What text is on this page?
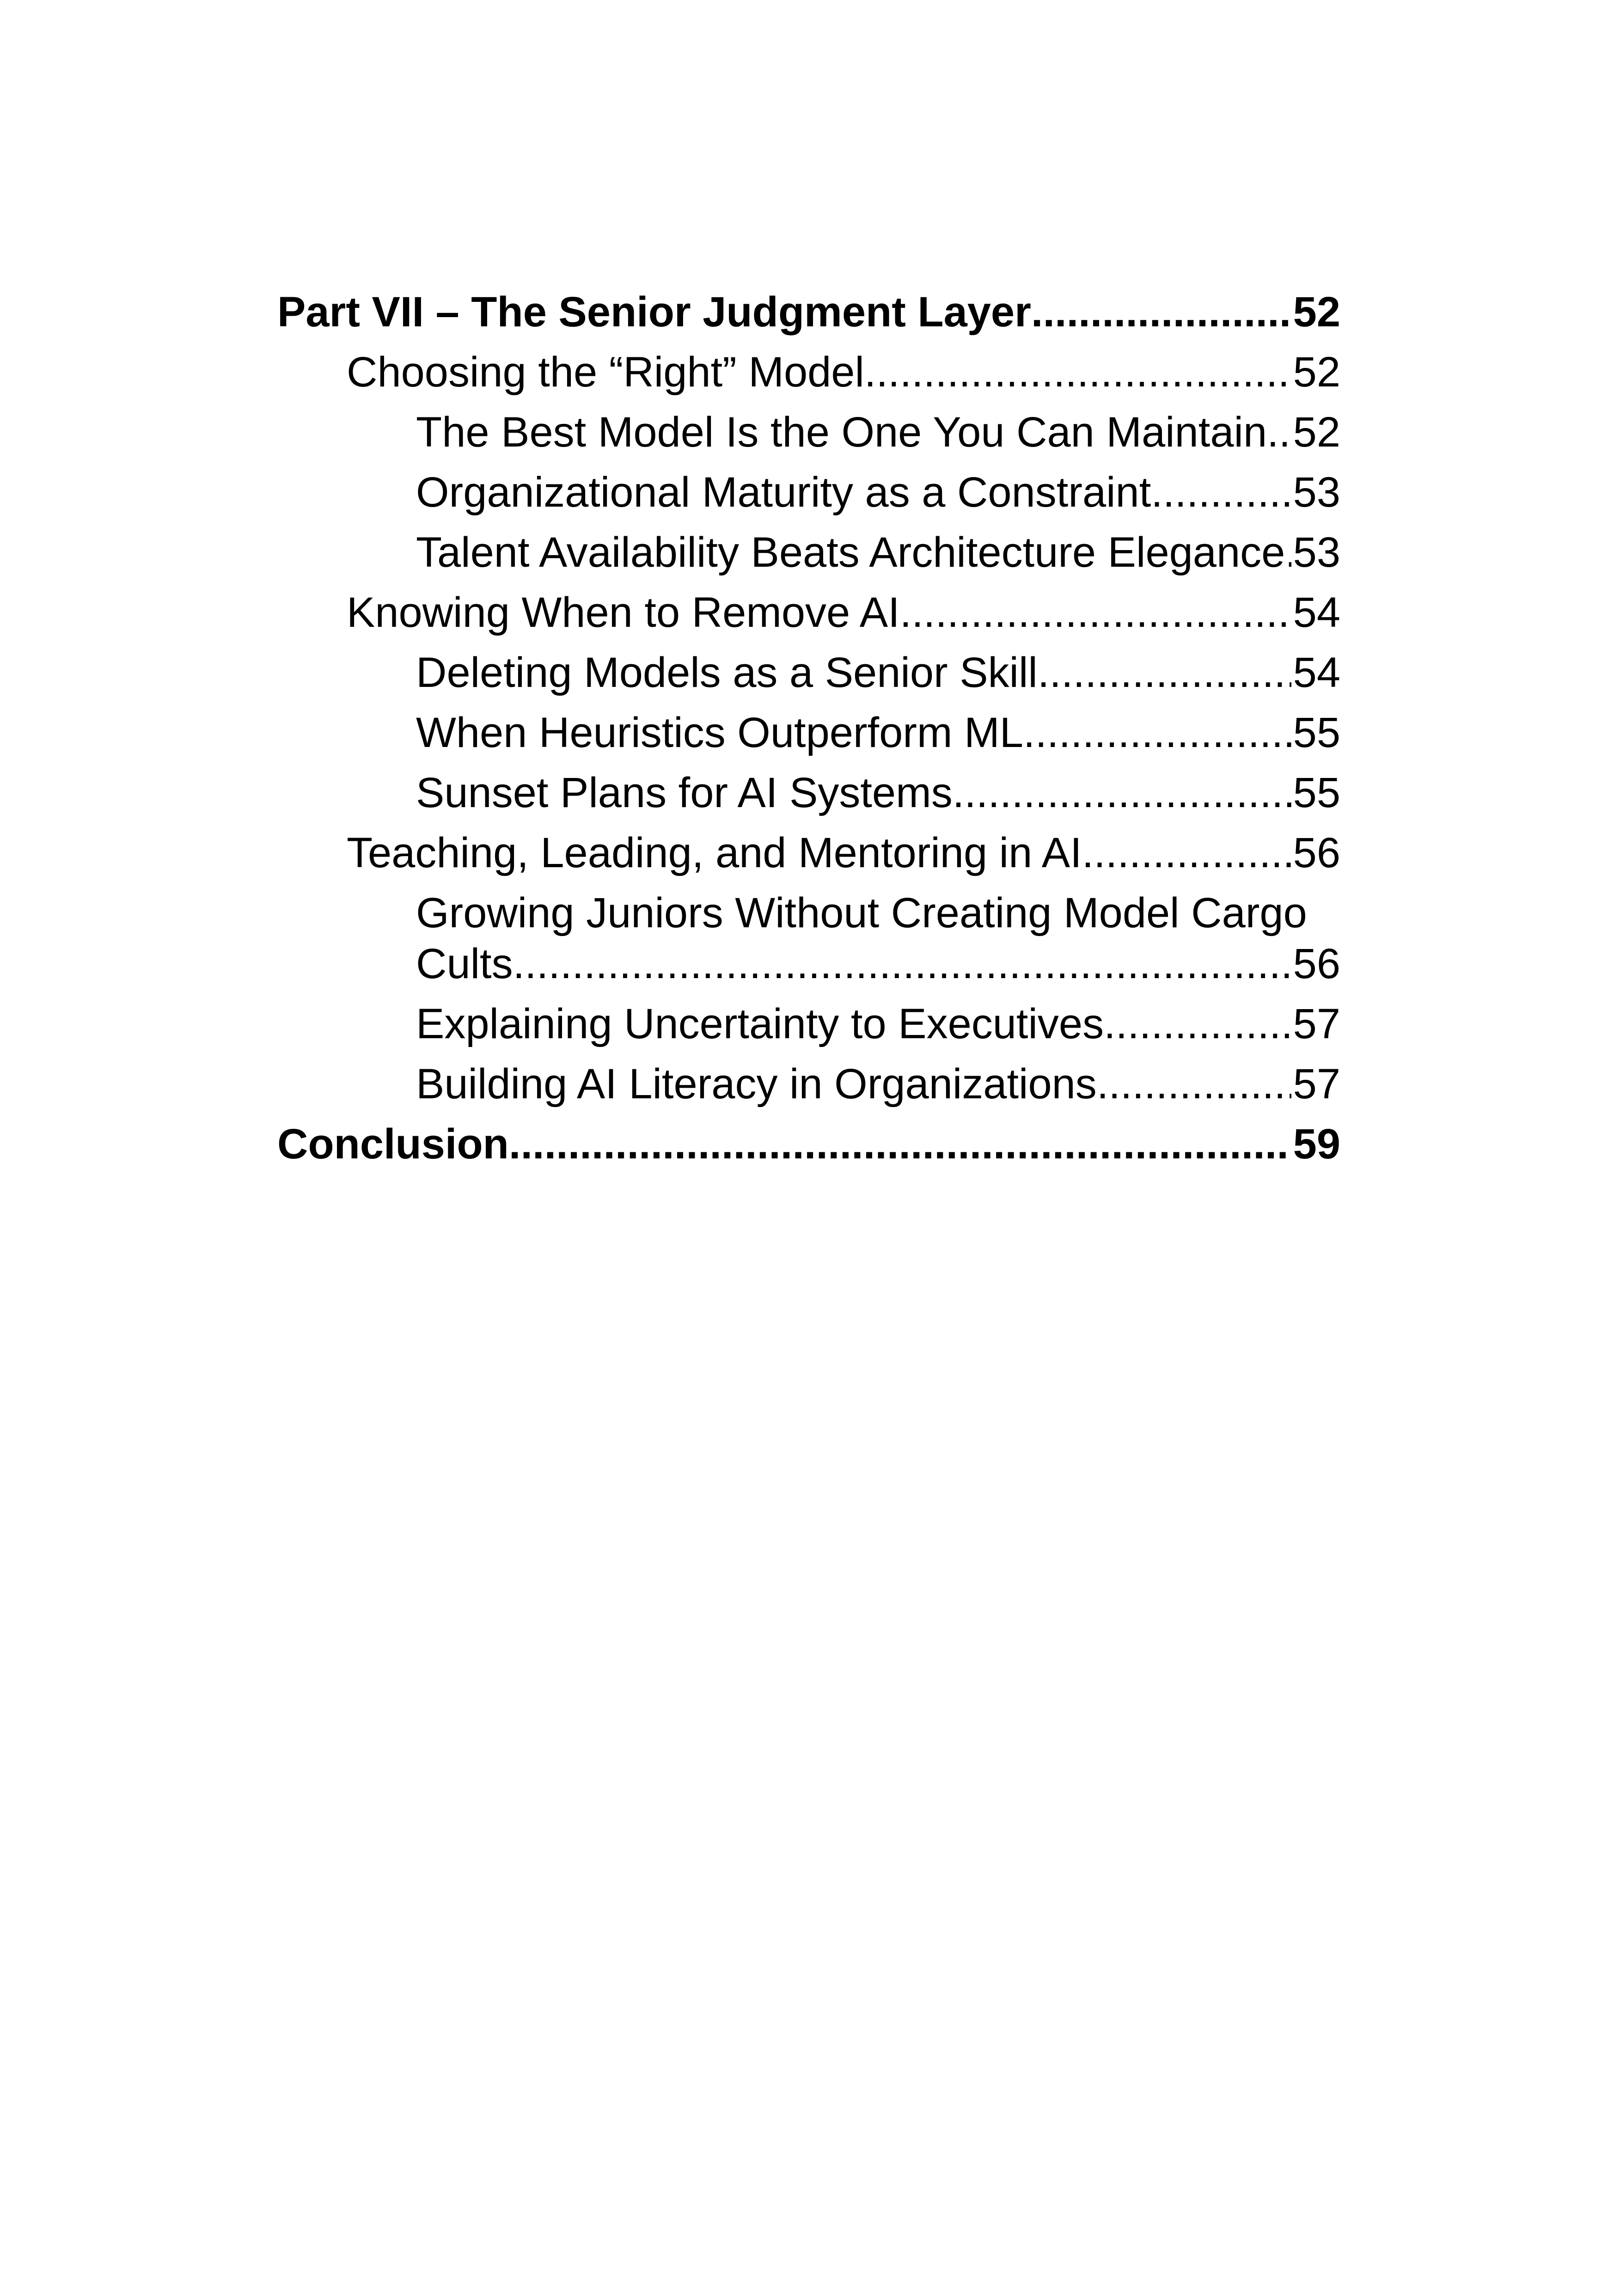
Part VII – The Senior Judgment Layer .....	52
Choosing the “Right” Model .....	52
The Best Model Is the One You Can Maintain ..... 52
Organizational Maturity as a Constraint .....	53
Talent Availability Beats Architecture Elegance ..... 53
Knowing When to Remove AI .....	54
Deleting Models as a Senior Skill .....	54
When Heuristics Outperform ML .....	55
Sunset Plans for AI Systems .....	55
Teaching, Leading, and Mentoring in AI .....	56
Growing Juniors Without Creating Model Cargo
Cults .....	56
Explaining Uncertainty to Executives .....	57
Building AI Literacy in Organizations .....	57
Conclusion .....	59
